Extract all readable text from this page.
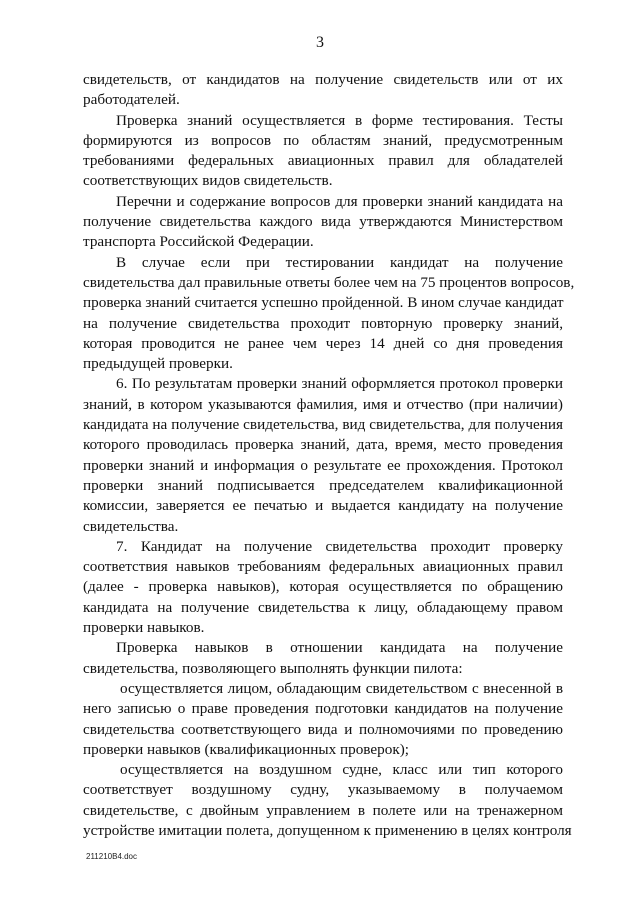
3
свидетельств, от кандидатов на получение свидетельств или от их
работодателей.
Проверка знаний осуществляется в форме тестирования. Тесты
формируются из вопросов по областям знаний, предусмотренным
требованиями федеральных авиационных правил для обладателей
соответствующих видов свидетельств.
Перечни и содержание вопросов для проверки знаний кандидата на
получение свидетельства каждого вида утверждаются Министерством
транспорта Российской Федерации.
В случае если при тестировании кандидат на получение
свидетельства дал правильные ответы более чем на 75 процентов вопросов,
проверка знаний считается успешно пройденной. В ином случае кандидат
на получение свидетельства проходит повторную проверку знаний,
которая проводится не ранее чем через 14 дней со дня проведения
предыдущей проверки.
6. По результатам проверки знаний оформляется протокол проверки
знаний, в котором указываются фамилия, имя и отчество (при наличии)
кандидата на получение свидетельства, вид свидетельства, для получения
которого проводилась проверка знаний, дата, время, место проведения
проверки знаний и информация о результате ее прохождения. Протокол
проверки знаний подписывается председателем квалификационной
комиссии, заверяется ее печатью и выдается кандидату на получение
свидетельства.
7. Кандидат на получение свидетельства проходит проверку
соответствия навыков требованиям федеральных авиационных правил
(далее - проверка навыков), которая осуществляется по обращению
кандидата на получение свидетельства к лицу, обладающему правом
проверки навыков.
Проверка навыков в отношении кандидата на получение
свидетельства, позволяющего выполнять функции пилота:
осуществляется лицом, обладающим свидетельством с внесенной в
него записью о праве проведения подготовки кандидатов на получение
свидетельства соответствующего вида и полномочиями по проведению
проверки навыков (квалификационных проверок);
осуществляется на воздушном судне, класс или тип которого
соответствует воздушному судну, указываемому в получаемом
свидетельстве, с двойным управлением в полете или на тренажерном
устройстве имитации полета, допущенном к применению в целях контроля
211210B4.doc
